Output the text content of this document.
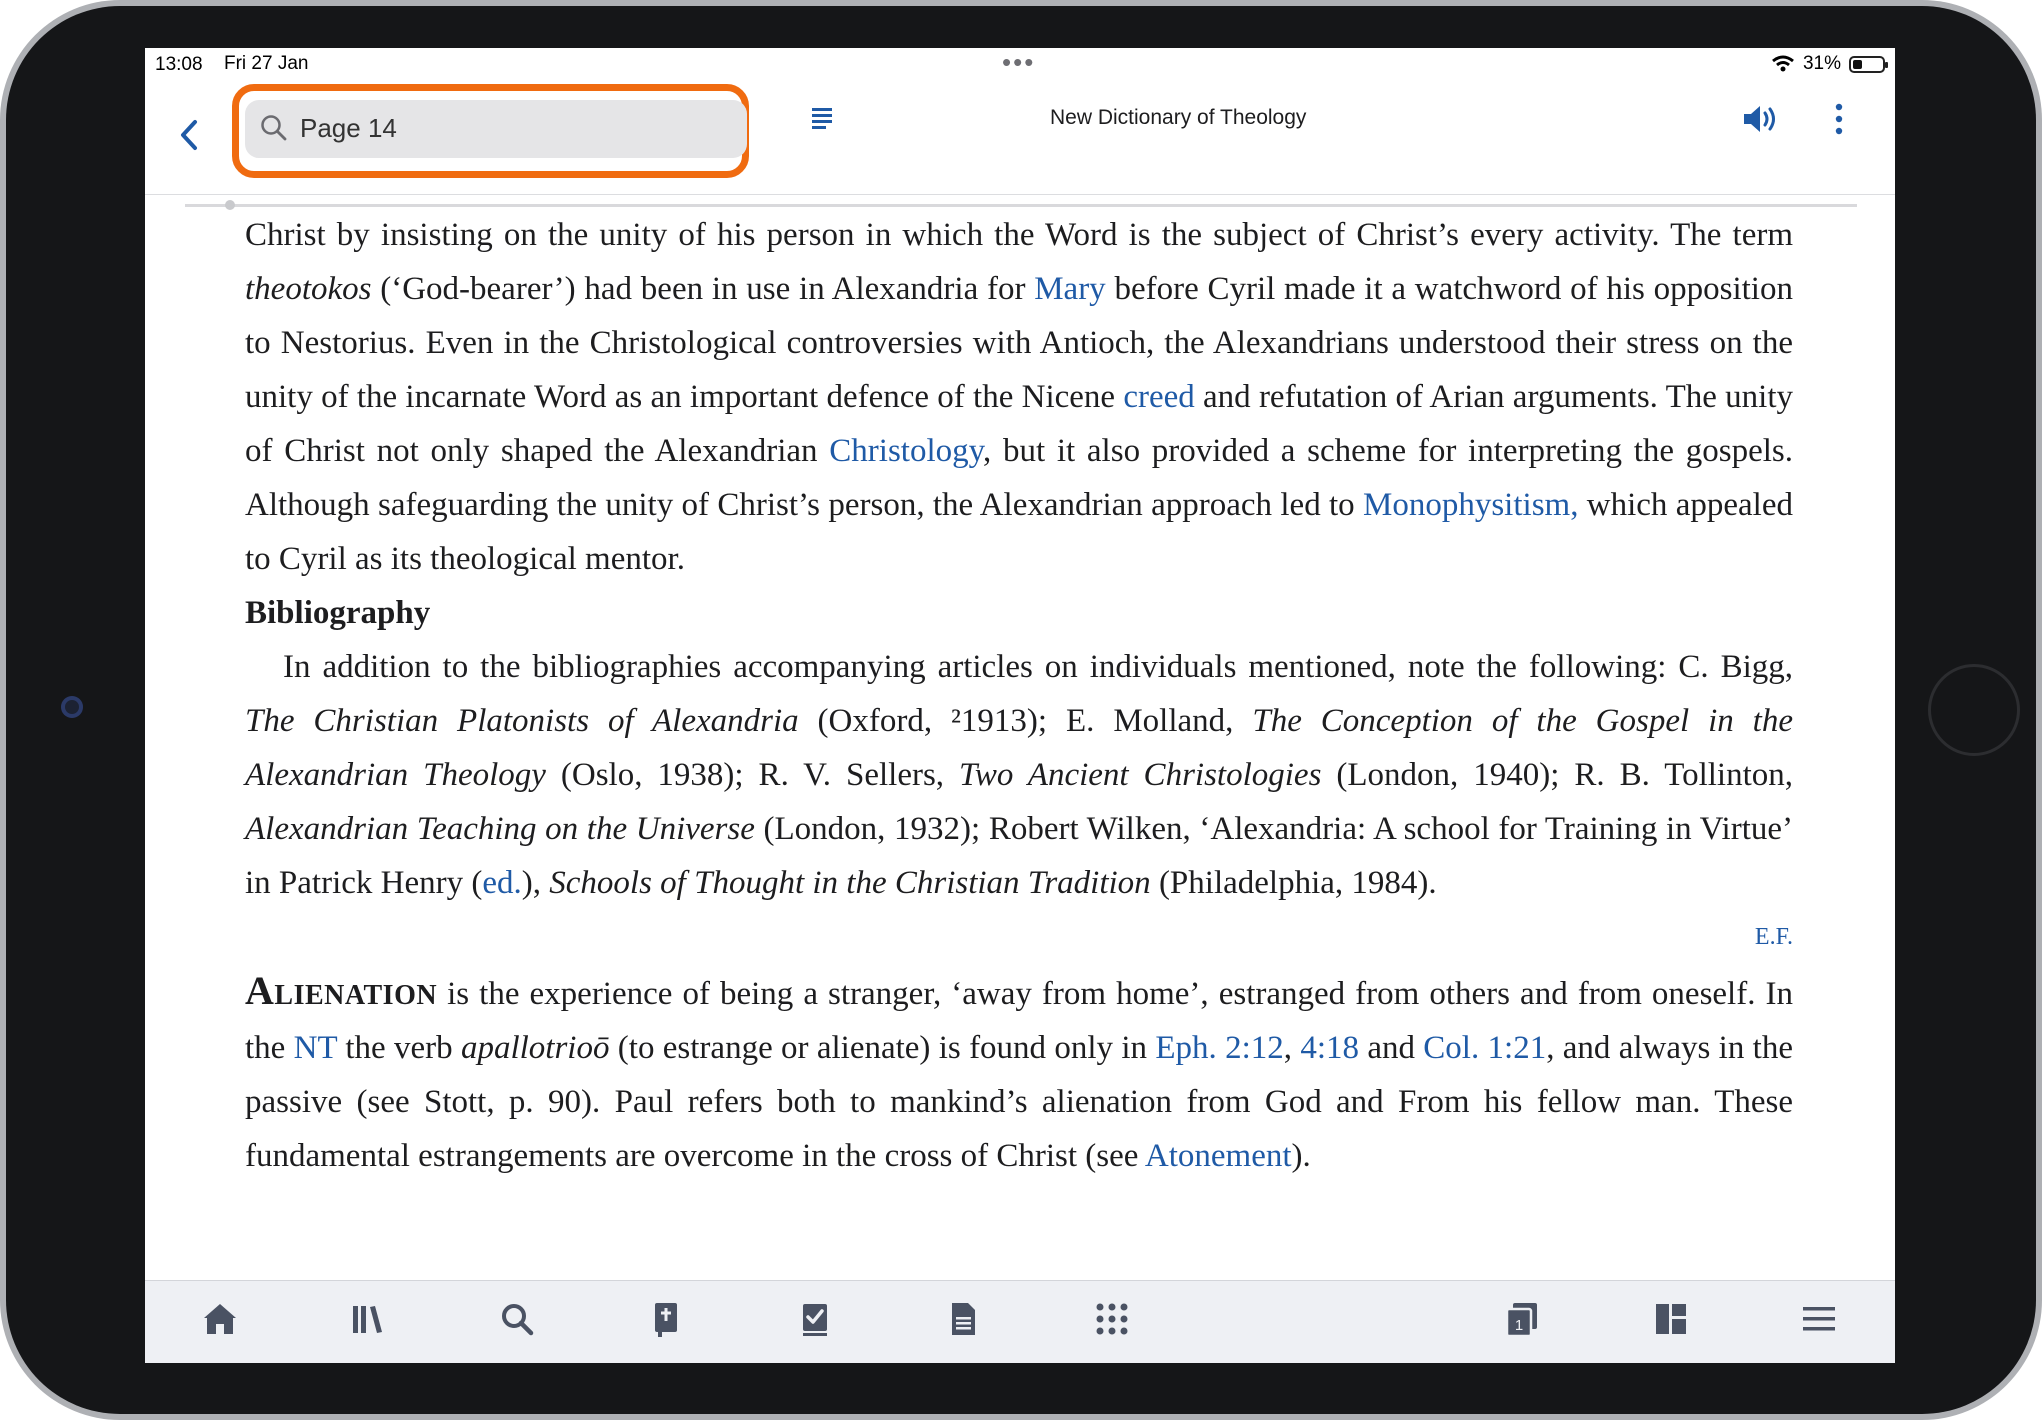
13:08 Fri 27 Jan	•••	31%
Page 14	New Dictionary of Theology

Christ by insisting on the unity of his person in which the Word is the subject of Christ’s every activity. The term theotokos (‘God-bearer’) had been in use in Alexandria for Mary before Cyril made it a watchword of his opposition to Nestorius. Even in the Christological controversies with Antioch, the Alexandrians understood their stress on the unity of the incarnate Word as an important defence of the Nicene creed and refutation of Arian arguments. The unity of Christ not only shaped the Alexandrian Christology, but it also provided a scheme for interpreting the gospels. Although safeguarding the unity of Christ’s person, the Alexandrian approach led to Monophysitism, which appealed to Cyril as its theological mentor.

Bibliography

In addition to the bibliographies accompanying articles on individuals mentioned, note the following: C. Bigg, The Christian Platonists of Alexandria (Oxford, ²1913); E. Molland, The Conception of the Gospel in the Alexandrian Theology (Oslo, 1938); R. V. Sellers, Two Ancient Christologies (London, 1940); R. B. Tollinton, Alexandrian Teaching on the Universe (London, 1932); Robert Wilken, ‘Alexandria: A school for Training in Virtue’ in Patrick Henry (ed.), Schools of Thought in the Christian Tradition (Philadelphia, 1984).

E.F.

Alienation is the experience of being a stranger, ‘away from home’, estranged from others and from oneself. In the NT the verb apallotrioō (to estrange or alienate) is found only in Eph. 2:12, 4:18 and Col. 1:21, and always in the passive (see Stott, p. 90). Paul refers both to mankind’s alienation from God and From his fellow man. These fundamental estrangements are overcome in the cross of Christ (see Atonement).

1
